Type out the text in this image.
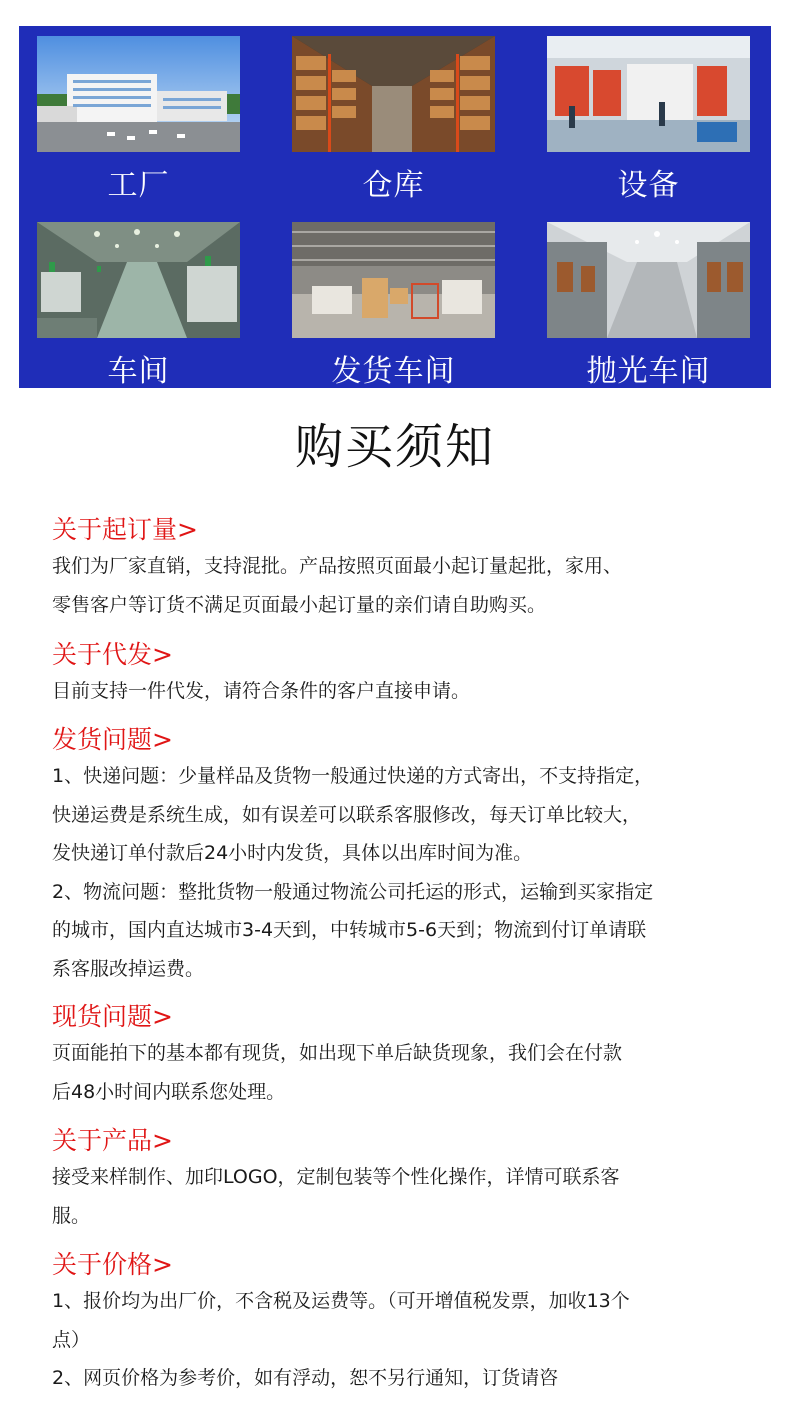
工厂	仓库	设备
车间	发货车间	抛光车间
购买须知
关于起订量>

我们为厂家直销，支持混批。产品按照页面最小起订量起批，家用、

零售客户等订货不满足页面最小起订量的亲们请自助购买。

关于代发>

目前支持一件代发，请符合条件的客户直接申请。

发货问题>

1、快递问题：少量样品及货物一般通过快递的方式寄出，不支持指定，

快递运费是系统生成，如有误差可以联系客服修改，每天订单比较大，

发快递订单付款后24小时内发货，具体以出库时间为准。

2、物流问题：整批货物一般通过物流公司托运的形式，运输到买家指定

的城市，国内直达城市3-4天到，中转城市5-6天到；物流到付订单请联

系客服改掉运费。

现货问题>

页面能拍下的基本都有现货，如出现下单后缺货现象，我们会在付款

后48小时间内联系您处理。

关于产品>

接受来样制作、加印LOGO，定制包装等个性化操作，详情可联系客

服。

关于价格>

1、报价均为出厂价，不含税及运费等。（可开增值税发票，加收13个

点）

2、网页价格为参考价，如有浮动，恕不另行通知，订货请咨
